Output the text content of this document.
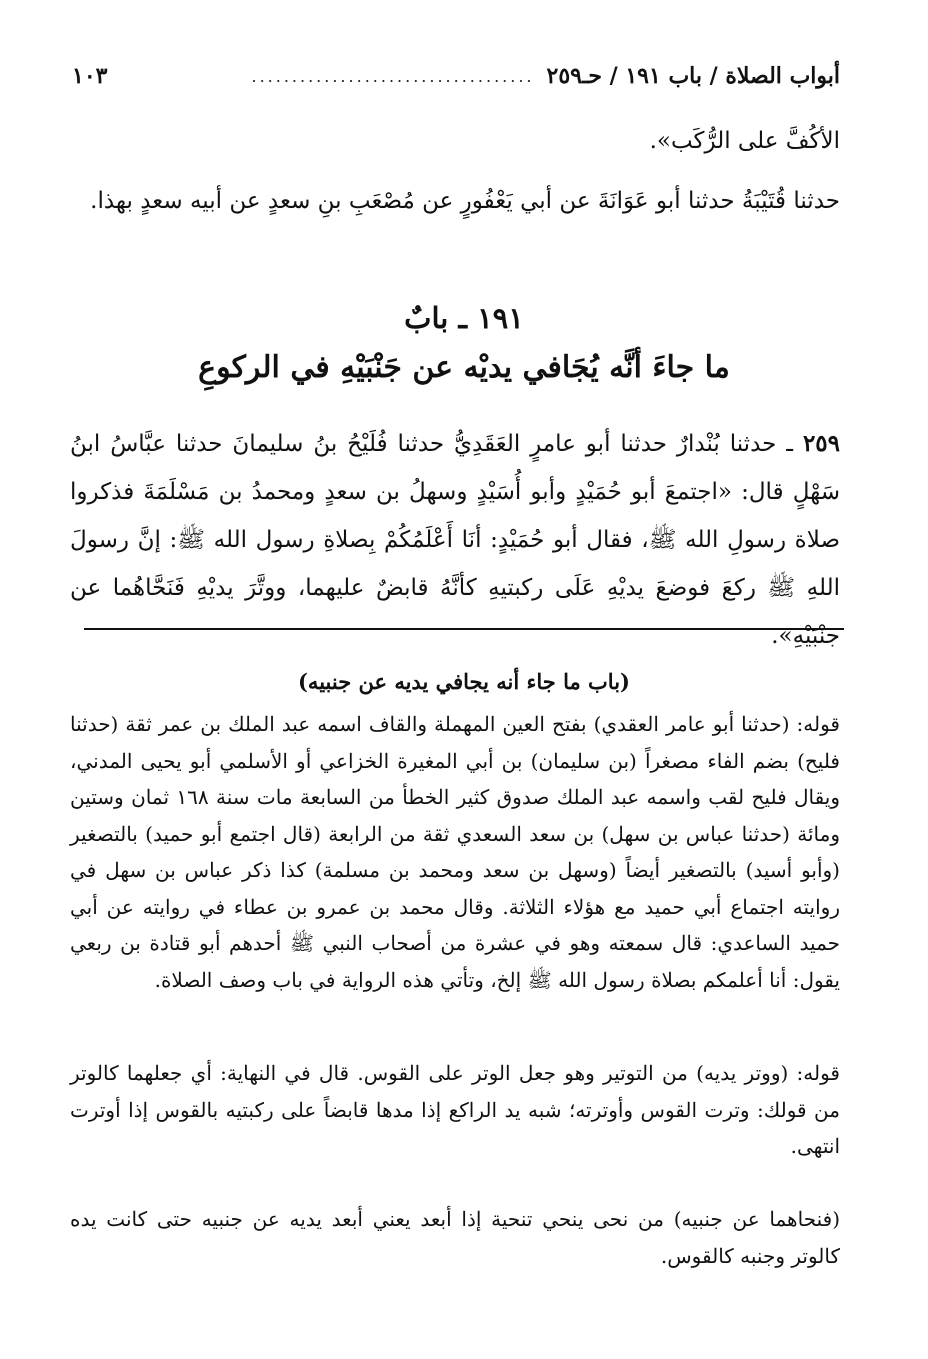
أبواب الصلاة / باب ١٩١ / حـ٢٥٩
...................................
١٠٣
الأكُفَّ على الرُّكَب».
حدثنا قُتَيْبَةُ حدثنا أبو عَوَانَةَ عن أبي يَعْفُورٍ عن مُصْعَبِ بنِ سعدٍ عن أبيه سعدٍ بهذا.
١٩١ ـ بابٌ
ما جاءَ أنَّه يُجَافي يديْه عن جَنْبَيْهِ في الركوعِ
٢٥٩ ـ حدثنا بُنْدارٌ حدثنا أبو عامرٍ العَقَدِيُّ حدثنا فُلَيْحُ بنُ سليمانَ حدثنا عبَّاسُ ابنُ سَهْلٍ قال: «اجتمعَ أبو حُمَيْدٍ وأبو أُسَيْدٍ وسهلُ بن سعدٍ ومحمدُ بن مَسْلَمَةَ فذكروا صلاة رسولِ الله ﷺ، فقال أبو حُمَيْدٍ: أنَا أَعْلَمُكُمْ بِصلاةِ رسول الله ﷺ: إنَّ رسولَ اللهِ ﷺ ركعَ فوضعَ يديْهِ عَلَى ركبتيهِ كأنَّهُ قابضٌ عليهما، ووتَّرَ يديْهِ فَنَحَّاهُما عن جنْبَيْهِ».
(باب ما جاء أنه يجافي يديه عن جنبيه)
قوله: (حدثنا أبو عامر العقدي) بفتح العين المهملة والقاف اسمه عبد الملك بن عمر ثقة (حدثنا فليح) بضم الفاء مصغراً (بن سليمان) بن أبي المغيرة الخزاعي أو الأسلمي أبو يحيى المدني، ويقال فليح لقب واسمه عبد الملك صدوق كثير الخطأ من السابعة مات سنة ١٦٨ ثمان وستين ومائة (حدثنا عباس بن سهل) بن سعد السعدي ثقة من الرابعة (قال اجتمع أبو حميد) بالتصغير (وأبو أسيد) بالتصغير أيضاً (وسهل بن سعد ومحمد بن مسلمة) كذا ذكر عباس بن سهل في روايته اجتماع أبي حميد مع هؤلاء الثلاثة. وقال محمد بن عمرو بن عطاء في روايته عن أبي حميد الساعدي: قال سمعته وهو في عشرة من أصحاب النبي ﷺ أحدهم أبو قتادة بن ربعي يقول: أنا أعلمكم بصلاة رسول الله ﷺ إلخ، وتأتي هذه الرواية في باب وصف الصلاة.
قوله: (ووتر يديه) من التوتير وهو جعل الوتر على القوس. قال في النهاية: أي جعلهما كالوتر من قولك: وترت القوس وأوترته؛ شبه يد الراكع إذا مدها قابضاً على ركبتيه بالقوس إذا أوترت انتهى.
(فنحاهما عن جنبيه) من نحى ينحي تنحية إذا أبعد يعني أبعد يديه عن جنبيه حتى كانت يده كالوتر وجنبه كالقوس.
